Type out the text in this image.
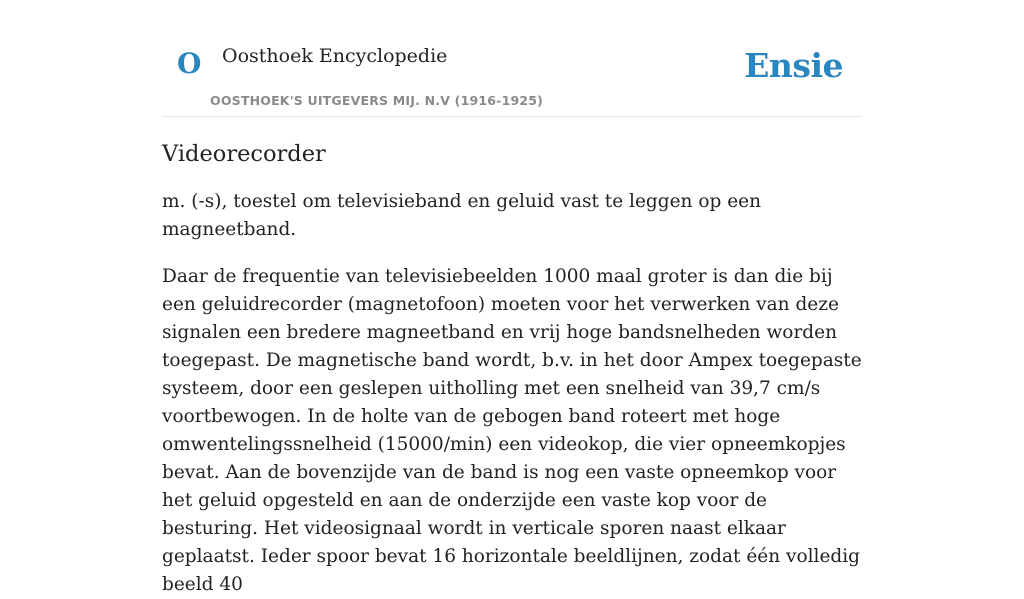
O Oosthoek Encyclopedie
OOSTHOEK'S UITGEVERS MIJ. N.V (1916-1925)
Ensie
Videorecorder

m. (-s), toestel om televisieband en geluid vast te leggen op een magneetband.

Daar de frequentie van televisiebeelden 1000 maal groter is dan die bij een geluidrecorder (magnetofoon) moeten voor het verwerken van deze signalen een bredere magneetband en vrij hoge bandsnelheden worden toegepast. De magnetische band wordt, b.v. in het door Ampex toegepaste systeem, door een geslepen uitholling met een snelheid van 39,7 cm/s voortbewogen. In de holte van de gebogen band roteert met hoge omwentelingssnelheid (15000/min) een videokop, die vier opneemkopjes bevat. Aan de bovenzijde van de band is nog een vaste opneemkop voor het geluid opgesteld en aan de onderzijde een vaste kop voor de besturing. Het videosignaal wordt in verticale sporen naast elkaar geplaatst. Ieder spoor bevat 16 horizontale beeldlijnen, zodat één volledig beeld 40
